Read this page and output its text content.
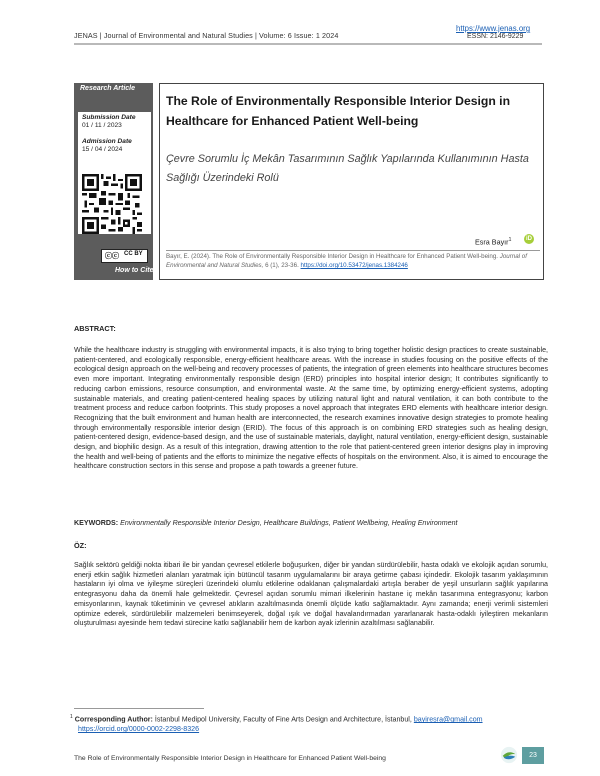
JENAS | Journal of Environmental and Natural Studies | Volume: 6 Issue: 1 2024
https://www.jenas.org
ESSN: 2146-9229
Research Article
Submission Date
01 / 11 / 2023
Admission Date
15 / 04 / 2024
ⓒⓒ CC BY
How to Cite:
The Role of Environmentally Responsible Interior Design in Healthcare for Enhanced Patient Well-being
Çevre Sorumlu İç Mekân Tasarımının Sağlık Yapılarında Kullanımının Hasta Sağlığı Üzerindeki Rolü
Esra Bayır$^1$	iD
Bayır, E. (2024). The Role of Environmentally Responsible Interior Design in Healthcare for Enhanced Patient Well-being. Journal of Environmental and Natural Studies, 6 (1), 23-36. https://doi.org/10.53472/jenas.1384246
ABSTRACT:
While the healthcare industry is struggling with environmental impacts, it is also trying to bring together holistic design practices to create sustainable, patient-centered, and ecologically responsible, energy-efficient healthcare areas. With the increase in studies focusing on the positive effects of the ecological design approach on the well-being and recovery processes of patients, the integration of green elements into healthcare structures becomes even more important. Integrating environmentally responsible design (ERD) principles into hospital interior design; It contributes significantly to reducing carbon emissions, resource consumption, and environmental waste. At the same time, by optimizing energy-efficient systems, adopting sustainable materials, and creating patient-centered healing spaces by utilizing natural light and natural ventilation, it can both contribute to the treatment process and reduce carbon footprints. This study proposes a novel approach that integrates ERD elements with healthcare interior design. Recognizing that the built environment and human health are interconnected, the research examines innovative design strategies to promote healing through environmentally responsible interior design (ERID). The focus of this approach is on combining ERD strategies such as healing design, patient-centered design, evidence-based design, and the use of sustainable materials, daylight, natural ventilation, energy-efficient design, sustainable design, and biophilic design. As a result of this integration, drawing attention to the role that patient-centered green interior designs play in improving the health and well-being of patients and the efforts to minimize the negative effects of hospitals on the environment. Also, it is aimed to encourage the healthcare construction sectors in this sense and propose a path towards a greener future.
KEYWORDS: Environmentally Responsible Interior Design, Healthcare Buildings, Patient Wellbeing, Healing Environment
ÖZ:
Sağlık sektörü geldiği nokta itibari ile bir yandan çevresel etkilerle boğuşurken, diğer bir yandan sürdürülebilir, hasta odaklı ve ekolojik açıdan sorumlu, enerji etkin sağlık hizmetleri alanları yaratmak için bütüncül tasarım uygulamalarını bir araya getirme çabası içindedir. Ekolojik tasarım yaklaşımının hastaların iyi olma ve iyileşme süreçleri üzerindeki olumlu etkilerine odaklanan çalışmalardaki artışla beraber de yeşil unsurların sağlık yapılarına entegrasyonu daha da önemli hale gelmektedir. Çevresel açıdan sorumlu mimari ilkelerinin hastane iç mekân tasarımına entegrasyonu; karbon emisyonlarının, kaynak tüketiminin ve çevresel atıkların azaltılmasında önemli ölçüde katkı sağlamaktadır. Aynı zamanda; enerji verimli sistemleri optimize ederek, sürdürülebilir malzemeleri benimseyerek, doğal ışık ve doğal havalandırmadan yararlanarak hasta-odaklı iyileştiren mekanların oluşturulması ayesinde hem tedavi sürecine katkı sağlanabilir hem de karbon ayak izlerinin azaltılması sağlanabilir.
$^1$ Corresponding Author: İstanbul Medipol University, Faculty of Fine Arts Design and Architecture, İstanbul, bayiresra@gmail.com
https://orcid.org/0000-0002-2298-8326
The Role of Environmentally Responsible Interior Design in Healthcare for Enhanced Patient Well-being	23
